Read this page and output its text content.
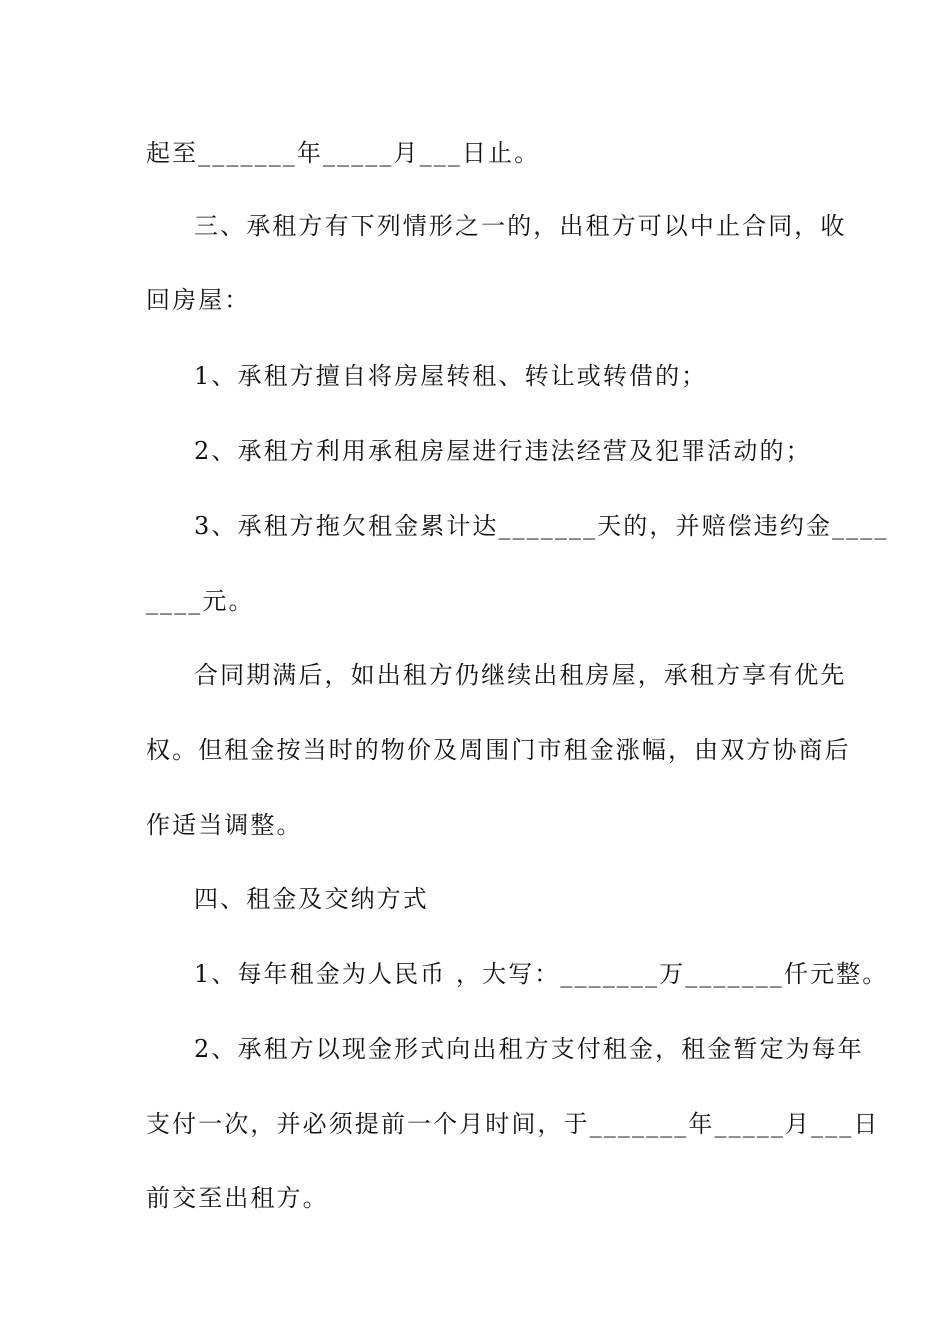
起至_______年_____月___日止。
三、承租方有下列情形之一的，出租方可以中止合同，收
回房屋：
1、承租方擅自将房屋转租、转让或转借的；
2、承租方利用承租房屋进行违法经营及犯罪活动的；
3、承租方拖欠租金累计达_______天的，并赔偿违约金____
____元。
合同期满后，如出租方仍继续出租房屋，承租方享有优先
权。但租金按当时的物价及周围门市租金涨幅，由双方协商后
作适当调整。
四、租金及交纳方式
1、每年租金为人民币 ，大写：_______万_______仟元整。
2、承租方以现金形式向出租方支付租金，租金暂定为每年
支付一次，并必须提前一个月时间，于_______年_____月___日
前交至出租方。
